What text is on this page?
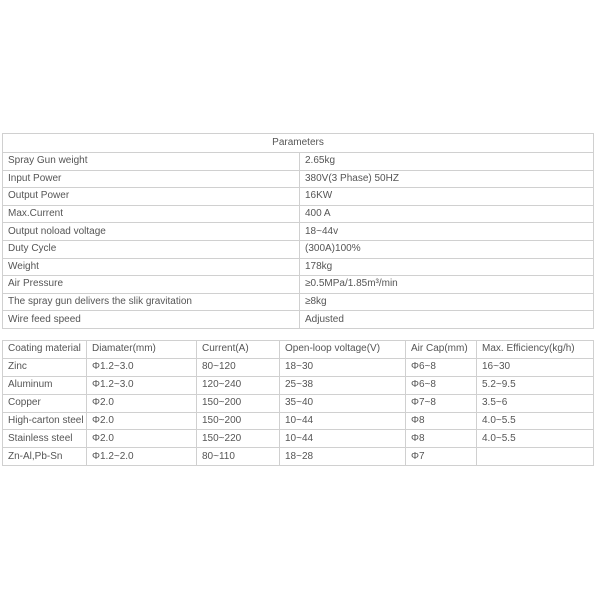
Parameters	
Spray Gun weight	2.65kg
Input Power	380V(3 Phase) 50HZ
Output Power	16KW
Max.Current	400 A
Output noload voltage	18~44v
Duty Cycle	(300A)100%
Weight	178kg
Air Pressure	≥0.5MPa/1.85m³/min
The spray gun delivers the slik gravitation	≥8kg
Wire feed speed	Adjusted
Coating material	Diamater(mm)	Current(A)	Open-loop voltage(V)	Air Cap(mm)	Max. Efficiency(kg/h)
Zinc	Φ1.2~3.0	80~120	18~30	Φ6~8	16~30
Aluminum	Φ1.2~3.0	120~240	25~38	Φ6~8	5.2~9.5
Copper	Φ2.0	150~200	35~40	Φ7~8	3.5~6
High-carton steel	Φ2.0	150~200	10~44	Φ8	4.0~5.5
Stainless steel	Φ2.0	150~220	10~44	Φ8	4.0~5.5
Zn-Al,Pb-Sn	Φ1.2~2.0	80~110	18~28	Φ7	
